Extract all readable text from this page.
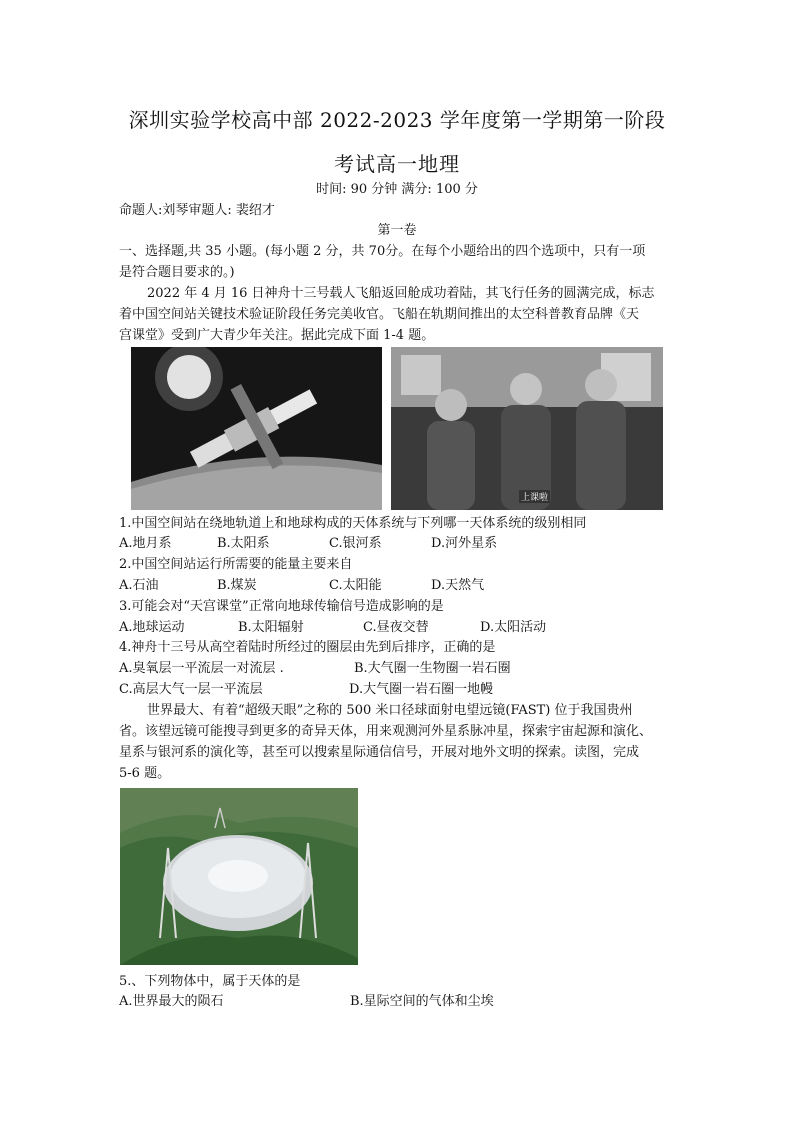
深圳实验学校高中部 2022-2023 学年度第一学期第一阶段
考试高一地理
时间: 90 分钟 满分: 100 分
命题人:刘琴审题人: 裴绍才
第一卷
一、选择题,共 35 小题。(每小题 2 分，共 70分。在每个小题给出的四个选项中，只有一项
是符合题目要求的。)
2022 年 4 月 16 日神舟十三号载人飞船返回舱成功着陆，其飞行任务的圆满完成，标志
着中国空间站关键技术验证阶段任务完美收官。飞船在轨期间推出的太空科普教育品牌《天
宫课堂》受到广大青少年关注。据此完成下面 1-4 题。
上课啦
1.中国空间站在绕地轨道上和地球构成的天体系统与下列哪一天体系统的级别相同
A.地月系	B.太阳系	C.银河系	D.河外星系
2.中国空间站运行所需要的能量主要来自
A.石油	B.煤炭	C.太阳能	D.天然气
3.可能会对“天宫课堂”正常向地球传输信号造成影响的是
A.地球运动	B.太阳辐射	C.昼夜交替	D.太阳活动
4.神舟十三号从高空着陆时所经过的圈层由先到后排序，正确的是
A.臭氧层一平流层一对流层 .	B.大气圈一生物圈一岩石圈
C.高层大气一层一平流层	D.大气圈一岩石圈一地幔
世界最大、有着“超级天眼”之称的 500 米口径球面射电望远镜(FAST) 位于我国贵州
省。该望远镜可能搜寻到更多的奇异天体，用来观测河外星系脉冲星，探索宇宙起源和演化、
星系与银河系的演化等，甚至可以搜索星际通信信号，开展对地外文明的探索。读图，完成
5-6 题。
5.、下列物体中，属于天体的是
A.世界最大的陨石	B.星际空间的气体和尘埃
